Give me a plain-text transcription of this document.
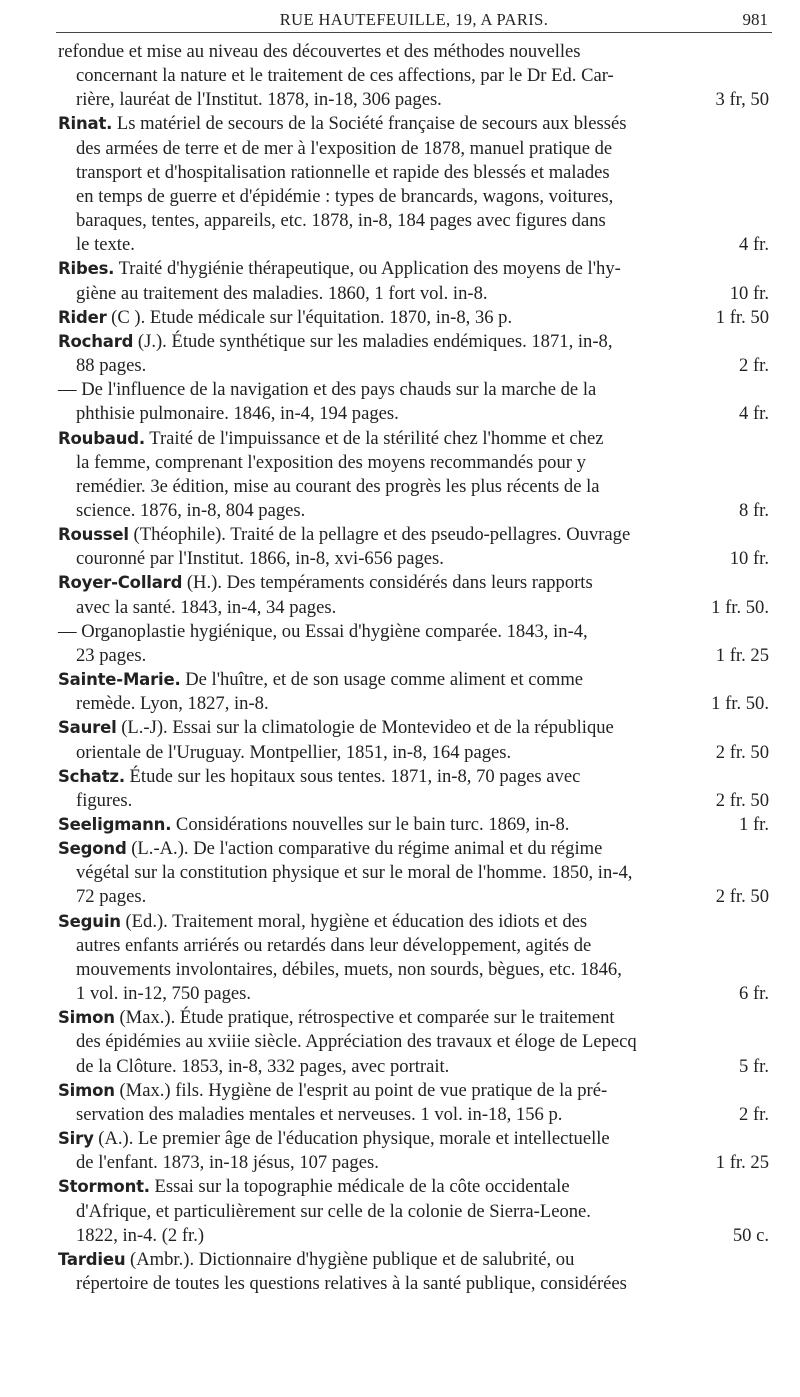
RUE HAUTEFEUILLE, 19, A PARIS.	981
refondue et mise au niveau des découvertes et des méthodes nouvelles
concernant la nature et le traitement de ces affections, par le Dr Ed. Car-
rière, lauréat de l'Institut. 1878, in-18, 306 pages.	3 fr, 50
Rinat. Ls matériel de secours de la Société française de secours aux blessés
des armées de terre et de mer à l'exposition de 1878, manuel pratique de
transport et d'hospitalisation rationnelle et rapide des blessés et malades
en temps de guerre et d'épidémie : types de brancards, wagons, voitures,
baraques, tentes, appareils, etc. 1878, in-8, 184 pages avec figures dans
le texte.	4 fr.
Ribes. Traité d'hygiénie thérapeutique, ou Application des moyens de l'hy-
giène au traitement des maladies. 1860, 1 fort vol. in-8.	10 fr.
Rider (C ). Etude médicale sur l'équitation. 1870, in-8, 36 p.	1 fr. 50
Rochard (J.). Étude synthétique sur les maladies endémiques. 1871, in-8,
88 pages.	2 fr.
— De l'influence de la navigation et des pays chauds sur la marche de la
phthisie pulmonaire. 1846, in-4, 194 pages.	4 fr.
Roubaud. Traité de l'impuissance et de la stérilité chez l'homme et chez
la femme, comprenant l'exposition des moyens recommandés pour y
remédier. 3e édition, mise au courant des progrès les plus récents de la
science. 1876, in-8, 804 pages.	8 fr.
Roussel (Théophile). Traité de la pellagre et des pseudo-pellagres. Ouvrage
couronné par l'Institut. 1866, in-8, xvi-656 pages.	10 fr.
Royer-Collard (H.). Des tempéraments considérés dans leurs rapports
avec la santé. 1843, in-4, 34 pages.	1 fr. 50.
— Organoplastie hygiénique, ou Essai d'hygiène comparée. 1843, in-4,
23 pages.	1 fr. 25
Sainte-Marie. De l'huître, et de son usage comme aliment et comme
remède. Lyon, 1827, in-8.	1 fr. 50.
Saurel (L.-J). Essai sur la climatologie de Montevideo et de la république
orientale de l'Uruguay. Montpellier, 1851, in-8, 164 pages.	2 fr. 50
Schatz. Étude sur les hopitaux sous tentes. 1871, in-8, 70 pages avec
figures.	2 fr. 50
Seeligmann. Considérations nouvelles sur le bain turc. 1869, in-8.	1 fr.
Segond (L.-A.). De l'action comparative du régime animal et du régime
végétal sur la constitution physique et sur le moral de l'homme. 1850, in-4,
72 pages.	2 fr. 50
Seguin (Ed.). Traitement moral, hygiène et éducation des idiots et des
autres enfants arriérés ou retardés dans leur développement, agités de
mouvements involontaires, débiles, muets, non sourds, bègues, etc. 1846,
1 vol. in-12, 750 pages.	6 fr.
Simon (Max.). Étude pratique, rétrospective et comparée sur le traitement
des épidémies au xviiie siècle. Appréciation des travaux et éloge de Lepecq
de la Clôture. 1853, in-8, 332 pages, avec portrait.	5 fr.
Simon (Max.) fils. Hygiène de l'esprit au point de vue pratique de la pré-
servation des maladies mentales et nerveuses. 1 vol. in-18, 156 p.	2 fr.
Siry (A.). Le premier âge de l'éducation physique, morale et intellectuelle
de l'enfant. 1873, in-18 jésus, 107 pages.	1 fr. 25
Stormont. Essai sur la topographie médicale de la côte occidentale
d'Afrique, et particulièrement sur celle de la colonie de Sierra-Leone.
1822, in-4. (2 fr.)	50 c.
Tardieu (Ambr.). Dictionnaire d'hygiène publique et de salubrité, ou
répertoire de toutes les questions relatives à la santé publique, considérées
